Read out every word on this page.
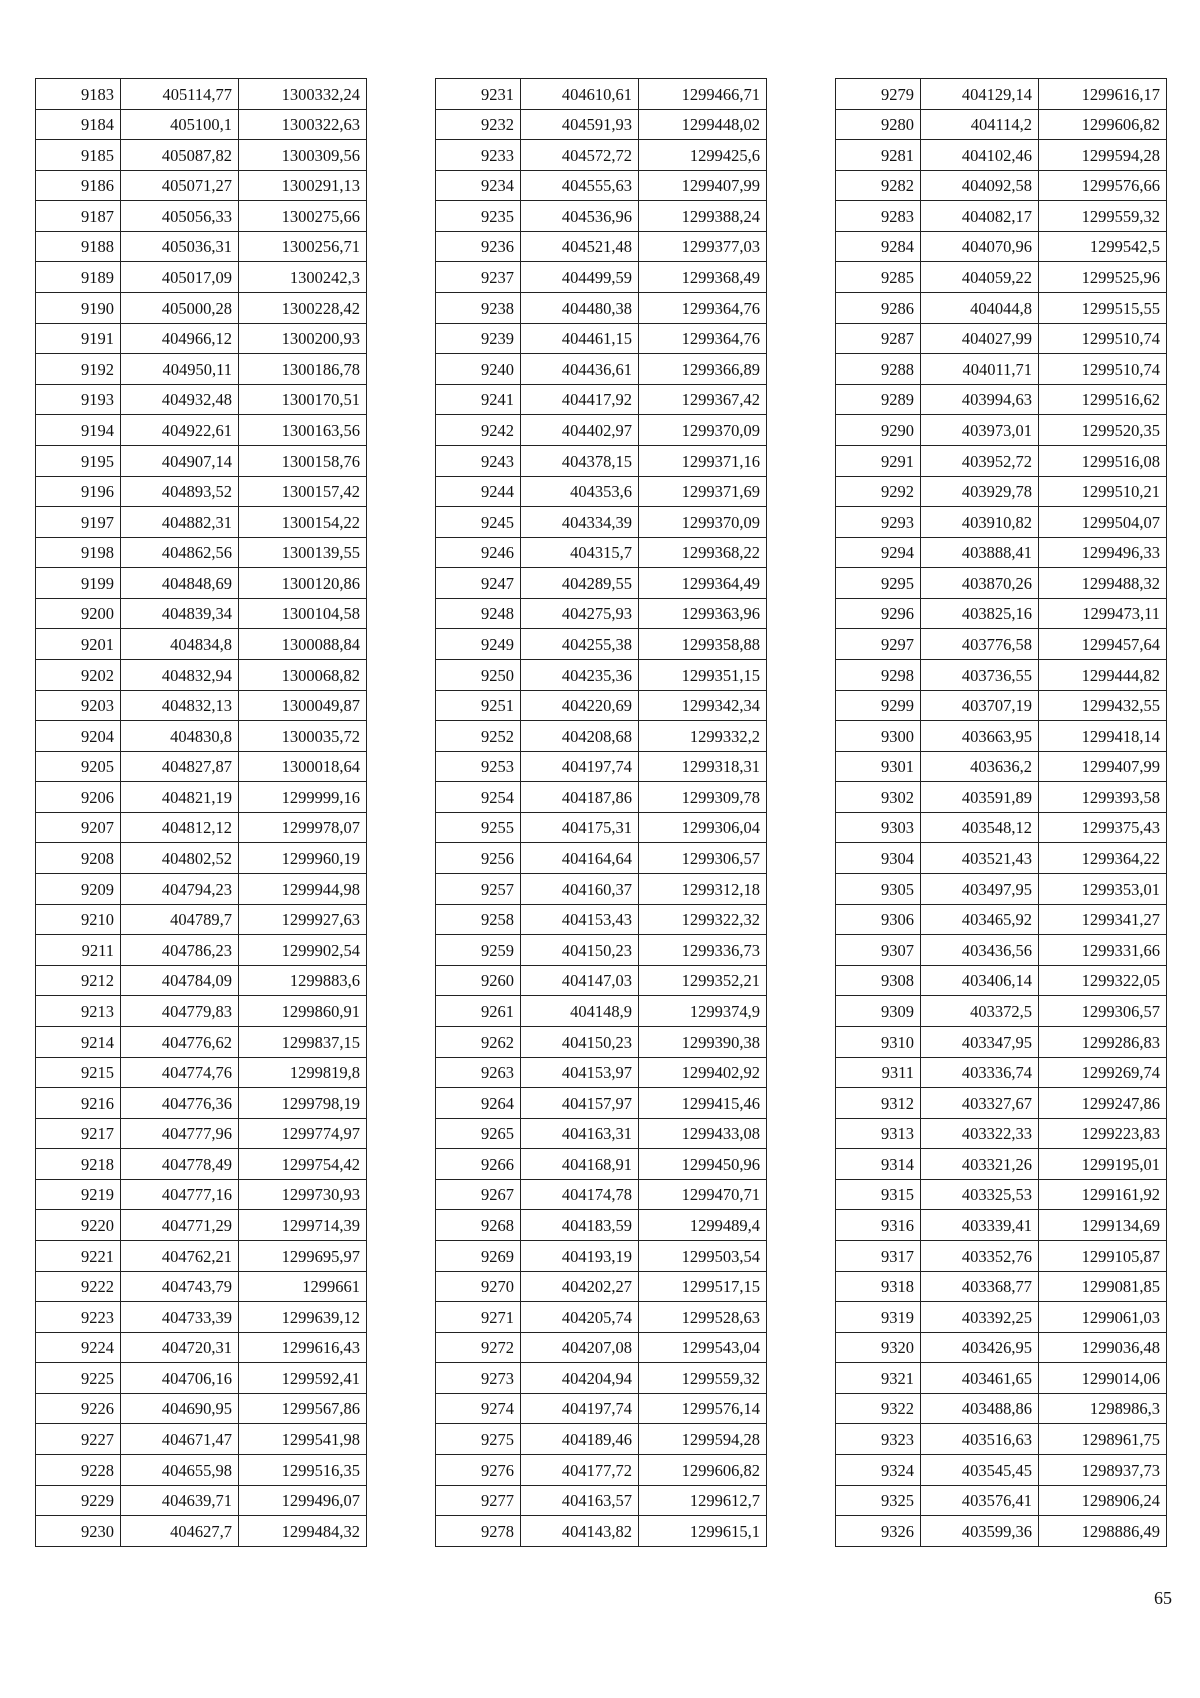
9183	405114,77	1300332,24
9184	405100,1	1300322,63
9185	405087,82	1300309,56
9186	405071,27	1300291,13
9187	405056,33	1300275,66
9188	405036,31	1300256,71
9189	405017,09	1300242,3
9190	405000,28	1300228,42
9191	404966,12	1300200,93
9192	404950,11	1300186,78
9193	404932,48	1300170,51
9194	404922,61	1300163,56
9195	404907,14	1300158,76
9196	404893,52	1300157,42
9197	404882,31	1300154,22
9198	404862,56	1300139,55
9199	404848,69	1300120,86
9200	404839,34	1300104,58
9201	404834,8	1300088,84
9202	404832,94	1300068,82
9203	404832,13	1300049,87
9204	404830,8	1300035,72
9205	404827,87	1300018,64
9206	404821,19	1299999,16
9207	404812,12	1299978,07
9208	404802,52	1299960,19
9209	404794,23	1299944,98
9210	404789,7	1299927,63
9211	404786,23	1299902,54
9212	404784,09	1299883,6
9213	404779,83	1299860,91
9214	404776,62	1299837,15
9215	404774,76	1299819,8
9216	404776,36	1299798,19
9217	404777,96	1299774,97
9218	404778,49	1299754,42
9219	404777,16	1299730,93
9220	404771,29	1299714,39
9221	404762,21	1299695,97
9222	404743,79	1299661
9223	404733,39	1299639,12
9224	404720,31	1299616,43
9225	404706,16	1299592,41
9226	404690,95	1299567,86
9227	404671,47	1299541,98
9228	404655,98	1299516,35
9229	404639,71	1299496,07
9230	404627,7	1299484,32
9231	404610,61	1299466,71
9232	404591,93	1299448,02
9233	404572,72	1299425,6
9234	404555,63	1299407,99
9235	404536,96	1299388,24
9236	404521,48	1299377,03
9237	404499,59	1299368,49
9238	404480,38	1299364,76
9239	404461,15	1299364,76
9240	404436,61	1299366,89
9241	404417,92	1299367,42
9242	404402,97	1299370,09
9243	404378,15	1299371,16
9244	404353,6	1299371,69
9245	404334,39	1299370,09
9246	404315,7	1299368,22
9247	404289,55	1299364,49
9248	404275,93	1299363,96
9249	404255,38	1299358,88
9250	404235,36	1299351,15
9251	404220,69	1299342,34
9252	404208,68	1299332,2
9253	404197,74	1299318,31
9254	404187,86	1299309,78
9255	404175,31	1299306,04
9256	404164,64	1299306,57
9257	404160,37	1299312,18
9258	404153,43	1299322,32
9259	404150,23	1299336,73
9260	404147,03	1299352,21
9261	404148,9	1299374,9
9262	404150,23	1299390,38
9263	404153,97	1299402,92
9264	404157,97	1299415,46
9265	404163,31	1299433,08
9266	404168,91	1299450,96
9267	404174,78	1299470,71
9268	404183,59	1299489,4
9269	404193,19	1299503,54
9270	404202,27	1299517,15
9271	404205,74	1299528,63
9272	404207,08	1299543,04
9273	404204,94	1299559,32
9274	404197,74	1299576,14
9275	404189,46	1299594,28
9276	404177,72	1299606,82
9277	404163,57	1299612,7
9278	404143,82	1299615,1
9279	404129,14	1299616,17
9280	404114,2	1299606,82
9281	404102,46	1299594,28
9282	404092,58	1299576,66
9283	404082,17	1299559,32
9284	404070,96	1299542,5
9285	404059,22	1299525,96
9286	404044,8	1299515,55
9287	404027,99	1299510,74
9288	404011,71	1299510,74
9289	403994,63	1299516,62
9290	403973,01	1299520,35
9291	403952,72	1299516,08
9292	403929,78	1299510,21
9293	403910,82	1299504,07
9294	403888,41	1299496,33
9295	403870,26	1299488,32
9296	403825,16	1299473,11
9297	403776,58	1299457,64
9298	403736,55	1299444,82
9299	403707,19	1299432,55
9300	403663,95	1299418,14
9301	403636,2	1299407,99
9302	403591,89	1299393,58
9303	403548,12	1299375,43
9304	403521,43	1299364,22
9305	403497,95	1299353,01
9306	403465,92	1299341,27
9307	403436,56	1299331,66
9308	403406,14	1299322,05
9309	403372,5	1299306,57
9310	403347,95	1299286,83
9311	403336,74	1299269,74
9312	403327,67	1299247,86
9313	403322,33	1299223,83
9314	403321,26	1299195,01
9315	403325,53	1299161,92
9316	403339,41	1299134,69
9317	403352,76	1299105,87
9318	403368,77	1299081,85
9319	403392,25	1299061,03
9320	403426,95	1299036,48
9321	403461,65	1299014,06
9322	403488,86	1298986,3
9323	403516,63	1298961,75
9324	403545,45	1298937,73
9325	403576,41	1298906,24
9326	403599,36	1298886,49
65
